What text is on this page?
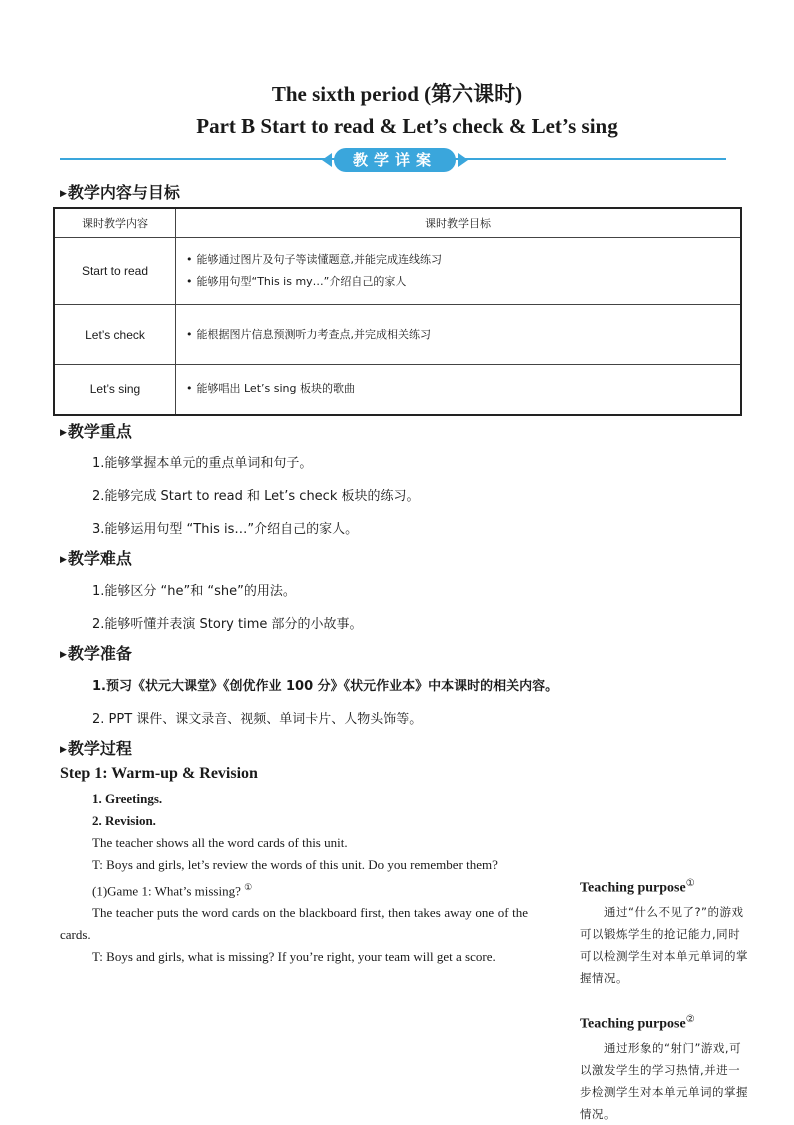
The sixth period (第六课时)
Part B Start to read & Let’s check & Let’s sing
教学详案
▶教学内容与目标
课时教学内容	课时教学目标
Start to read	• 能够通过图片及句子等读懂题意,并能完成连线练习
• 能够用句型“This is my…”介绍自己的家人

Let’s check	• 能根据图片信息预测听力考查点,并完成相关练习

Let’s sing	• 能够唱出 Let’s sing 板块的歌曲
▶教学重点
1.能够掌握本单元的重点单词和句子。
2.能够完成 Start to read 和 Let’s check 板块的练习。
3.能够运用句型 “This is…”介绍自己的家人。
▶教学难点
1.能够区分 “he”和 “she”的用法。
2.能够听懂并表演 Story time 部分的小故事。
▶教学准备
1.预习《状元大课堂》《创优作业 100 分》《状元作业本》中本课时的相关内容。
2. PPT 课件、课文录音、视频、单词卡片、人物头饰等。
▶教学过程
Step 1: Warm-up & Revision

1. Greetings.

2. Revision.

The teacher shows all the word cards of this unit.

T: Boys and girls, let’s review the words of this unit. Do you remember them?

(1)Game 1: What’s missing? ①

The teacher puts the word cards on the blackboard first, then takes away one of the cards.

T: Boys and girls, what is missing? If you’re right, your team will get a score.

Teaching purpose①
通过“什么不见了?”的游戏可以锻炼学生的抢记能力,同时可以检测学生对本单元单词的掌握情况。
Teaching purpose②
通过形象的“射门”游戏,可以激发学生的学习热情,并进一步检测学生对本单元单词的掌握情况。
